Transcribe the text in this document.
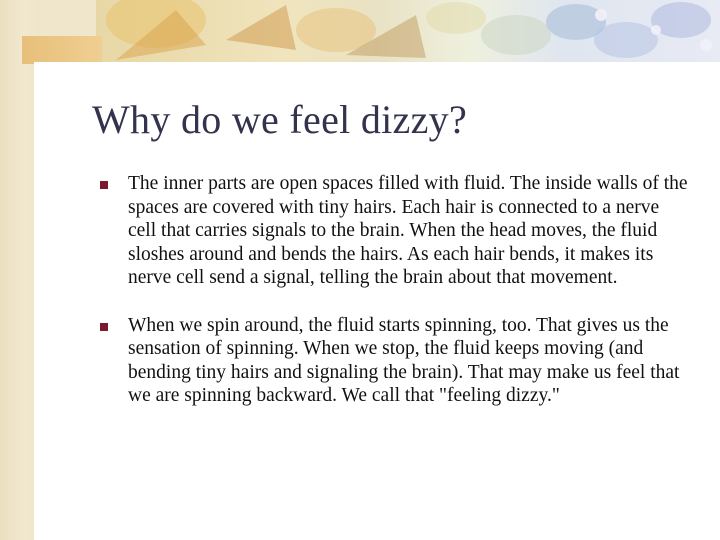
Why do we feel dizzy?
The inner parts are open spaces filled with fluid. The inside walls of the spaces are covered with tiny hairs. Each hair is connected to a nerve cell that carries signals to the brain. When the head moves, the fluid sloshes around and bends the hairs. As each hair bends, it makes its nerve cell send a signal, telling the brain about that movement.
When we spin around, the fluid starts spinning, too. That gives us the sensation of spinning. When we stop, the fluid keeps moving (and bending tiny hairs and signaling the brain). That may make us feel that we are spinning backward. We call that "feeling dizzy."
